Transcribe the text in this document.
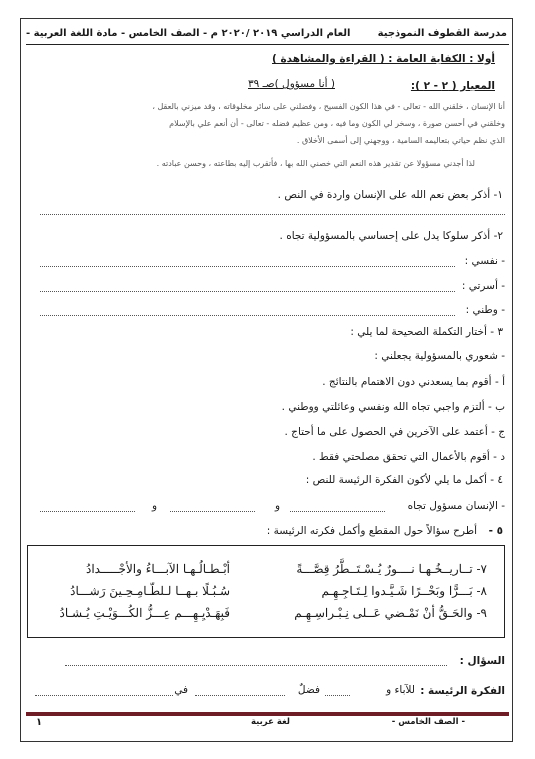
مدرسة القطوف النموذجية
العام الدراسي ٢٠١٩ /٢٠٢٠ م - الصف الخامس - مادة اللغة العربية -
أولا : الكفاية العامة : ( القراءة والمشاهدة )
المعيار ( ٢ - ٢ ):
( أنا مسؤول )صـ ٣٩
أنا الإنسان ، خلقني الله - تعالى - في هذا الكون الفسيح ، وفضلني على سائر مخلوقاته ، وقد ميزني بالعقل ،
وخلقني في أحسن صورة ، وسخر لي الكون وما فيه ، ومن عظيم فضله - تعالى - أن أنعم علي بالإسلام
الذي نظم حياتي بتعاليمه السامية ، ووجهني إلى أسمى الأخلاق .
لذا أجدني مسؤولا عن تقدير هذه النعم التي خصني الله بها ، فأتقرب إليه بطاعته ، وحسن عبادته .
١- أذكر بعض نعم الله على الإنسان واردة في النص .
٢- أذكر سلوكا يدل على إحساسي بالمسؤولية تجاه .
- نفسي :
- أسرتي :
- وطني :
٣ - أختار التكملة الصحيحة لما يلي :
- شعوري بالمسؤولية يجعلني :
أ - أقوم بما يسعدني دون الاهتمام بالنتائج .
ب - ألتزم واجبي تجاه الله ونفسي وعائلتي ووطني .
ج - أعتمد على الآخرين في الحصول على ما أحتاج .
د - أقوم بالأعمال التي تحقق مصلحتي فقط .
٤ - أكمل ما يلي لأكون الفكرة الرئيسة للنص :
- الإنسان مسؤول تجاه
و
و
٥ -
أطرح سؤالاً حول المقطع وأكمل فكرته الرئيسة :
٧- تــاريــخُـهـا نــــورٌ يُـسْـتَــطَّرُ قِصَّـــةً
أبْـطـالُـهـا الآبـــاءُ والأجْـــــدادُ
٨- بَـــرًّا وبَحْــرًا شَـيَّـدوا لِـتَـاجِـهِـم
سُـبُـلًا بـهــا لـلطّـامِـحِـينَ رَشـــادُ
٩- والحَـقُّ أنْ نَمْـضي عَــلى نِـبْـراسِـهِـم
فَبِهَـدْيِـهِـــم عِـــزُّ الكُـــوَيْـتِ يُـشـادُ
السؤال :
الفكرة الرئيسة :
للآباء و
فضلٌ
في
- الصف الخامس -
لغة عربية
١
